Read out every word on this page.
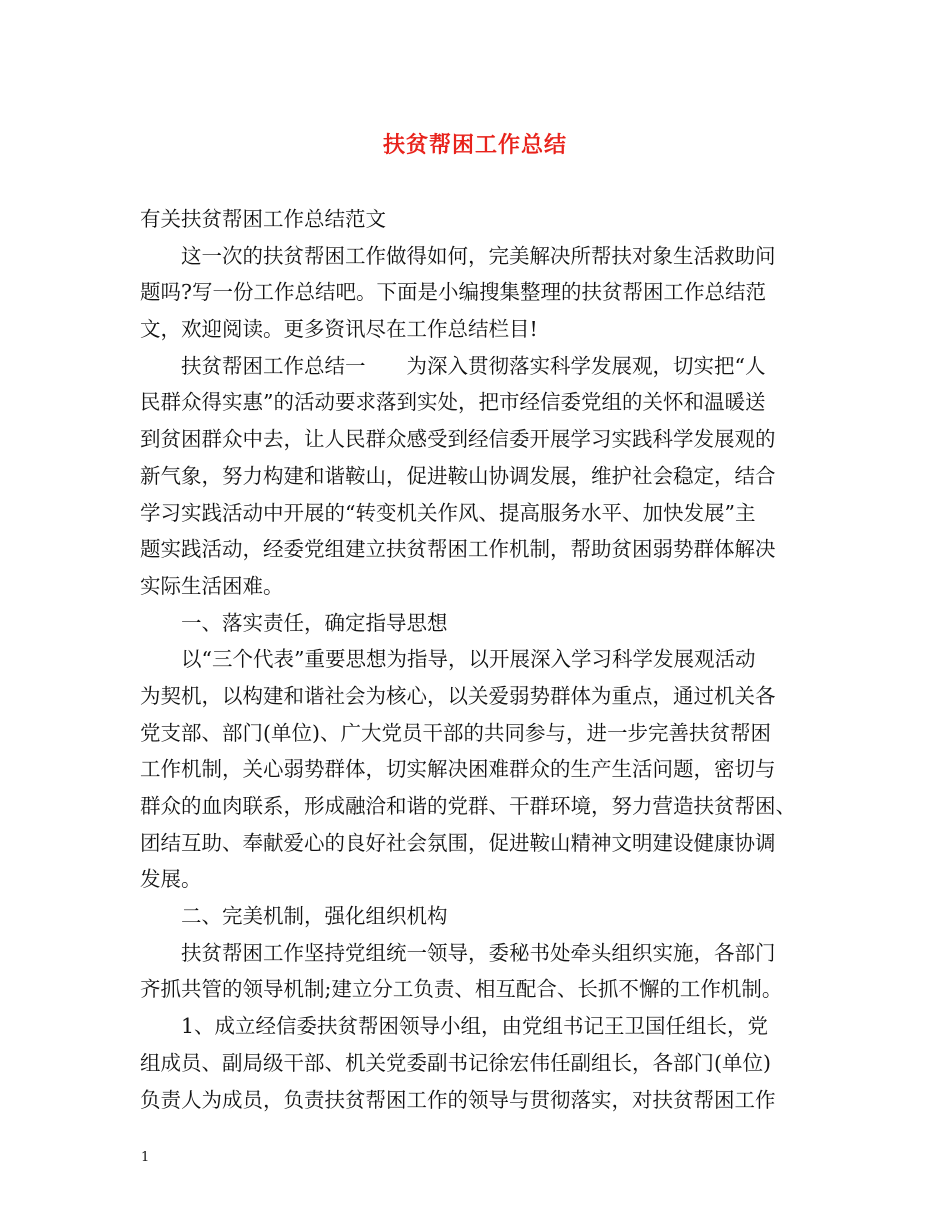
扶贫帮困工作总结
有关扶贫帮困工作总结范文
这一次的扶贫帮困工作做得如何，完美解决所帮扶对象生活救助问
题吗?写一份工作总结吧。下面是小编搜集整理的扶贫帮困工作总结范
文，欢迎阅读。更多资讯尽在工作总结栏目!
扶贫帮困工作总结一　　为深入贯彻落实科学发展观，切实把“人
民群众得实惠”的活动要求落到实处，把市经信委党组的关怀和温暖送
到贫困群众中去，让人民群众感受到经信委开展学习实践科学发展观的
新气象，努力构建和谐鞍山，促进鞍山协调发展，维护社会稳定，结合
学习实践活动中开展的“转变机关作风、提高服务水平、加快发展”主
题实践活动，经委党组建立扶贫帮困工作机制，帮助贫困弱势群体解决
实际生活困难。
一、落实责任，确定指导思想
以“三个代表”重要思想为指导，以开展深入学习科学发展观活动
为契机，以构建和谐社会为核心，以关爱弱势群体为重点，通过机关各
党支部、部门(单位)、广大党员干部的共同参与，进一步完善扶贫帮困
工作机制，关心弱势群体，切实解决困难群众的生产生活问题，密切与
群众的血肉联系，形成融洽和谐的党群、干群环境，努力营造扶贫帮困、
团结互助、奉献爱心的良好社会氛围，促进鞍山精神文明建设健康协调
发展。
二、完美机制，强化组织机构
扶贫帮困工作坚持党组统一领导，委秘书处牵头组织实施，各部门
齐抓共管的领导机制;建立分工负责、相互配合、长抓不懈的工作机制。
1、成立经信委扶贫帮困领导小组，由党组书记王卫国任组长，党
组成员、副局级干部、机关党委副书记徐宏伟任副组长，各部门(单位)
负责人为成员，负责扶贫帮困工作的领导与贯彻落实，对扶贫帮困工作
1
